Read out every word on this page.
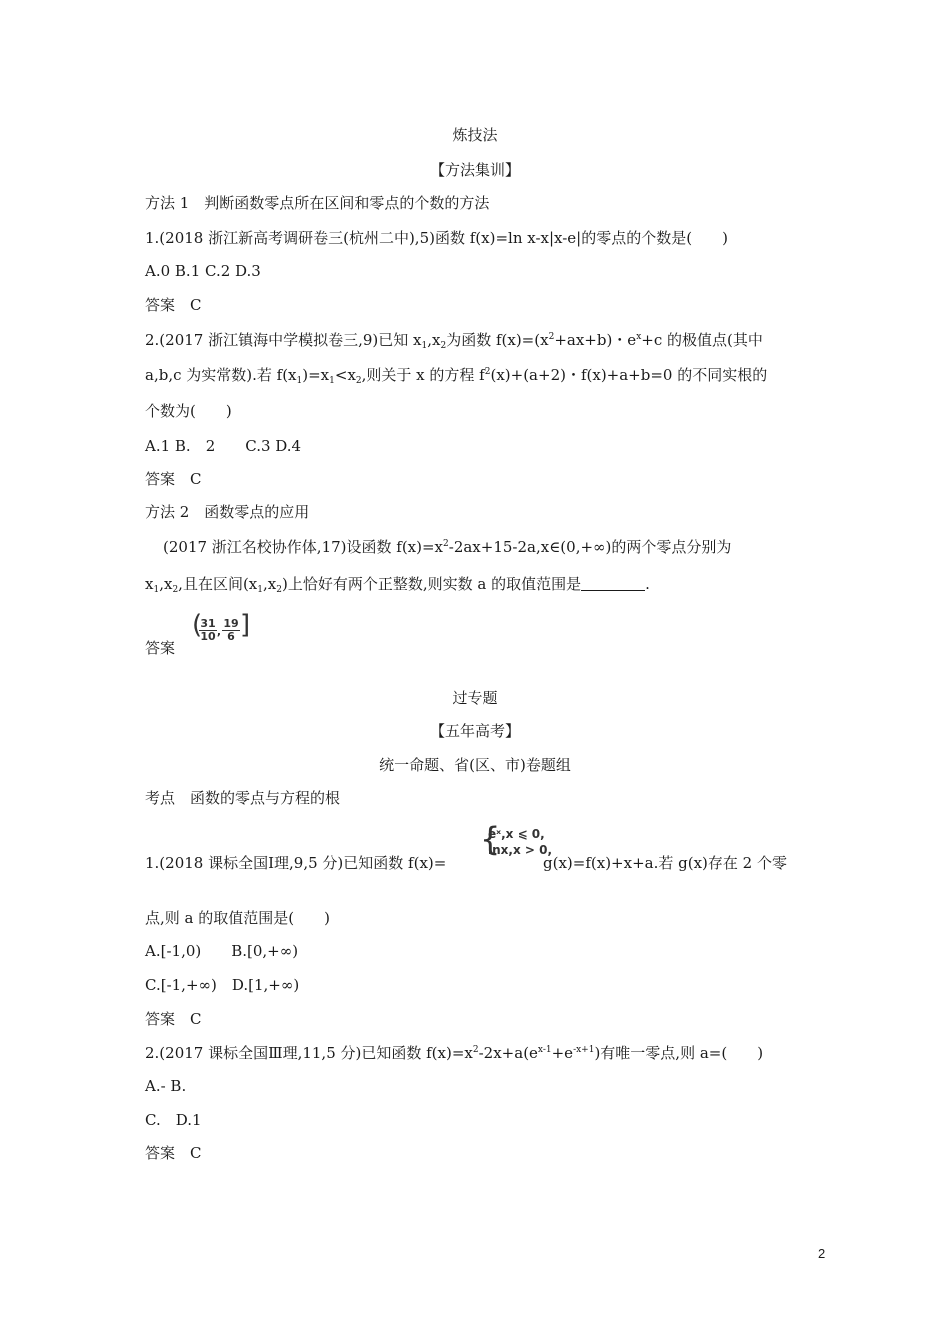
炼技法
【方法集训】
方法 1　判断函数零点所在区间和零点的个数的方法
1.(2018 浙江新高考调研卷三(杭州二中),5)函数 f(x)=ln x-x|x-e|的零点的个数是(　　)
A.0 B.1 C.2 D.3
答案　C
2.(2017 浙江镇海中学模拟卷三,9)已知 $x_1,x_2$为函数 $f(x)=(x^2+ax+b)$・$e^x+c$ 的极值点(其中
a,b,c 为实常数).若 $f(x_1)=x_1<x_2$,则关于 x 的方程 $f^2(x)+(a+2)$・f(x)+a+b=0 的不同实根的
个数为(　　)
A.1 B.　2　　C.3 D.4
答案　C
方法 2　函数零点的应用
(2017 浙江名校协作体,17)设函数 $f(x)=x^2-2ax+15-2a,x\in(0,+\infty)$的两个零点分别为
$x_1,x_2$,且在区间$(x_1,x_2)$上恰好有两个正整数,则实数 a 的取值范围是	.
答案
(
31
10 ,
19
6 ]
过专题
【五年高考】
统一命题、省(区、市)卷题组
考点　函数的零点与方程的根
{
eˣ,x ⩽ 0,
lnx,x > 0,
1.(2018 课标全国Ⅰ理,9,5 分)已知函数 f(x)=	g(x)=f(x)+x+a.若 g(x)存在 2 个零
点,则 a 的取值范围是(　　)
A.[-1,0)　　B.[0,+∞)
C.[-1,+∞)　D.[1,+∞)
答案　C
2.(2017 课标全国Ⅲ理,11,5 分)已知函数 $f(x)=x^2-2x+a(e^{x-1}+e^{-x+1})$有唯一零点,则 a=(　　)
A.- B.
C.　D.1
答案　C
2
